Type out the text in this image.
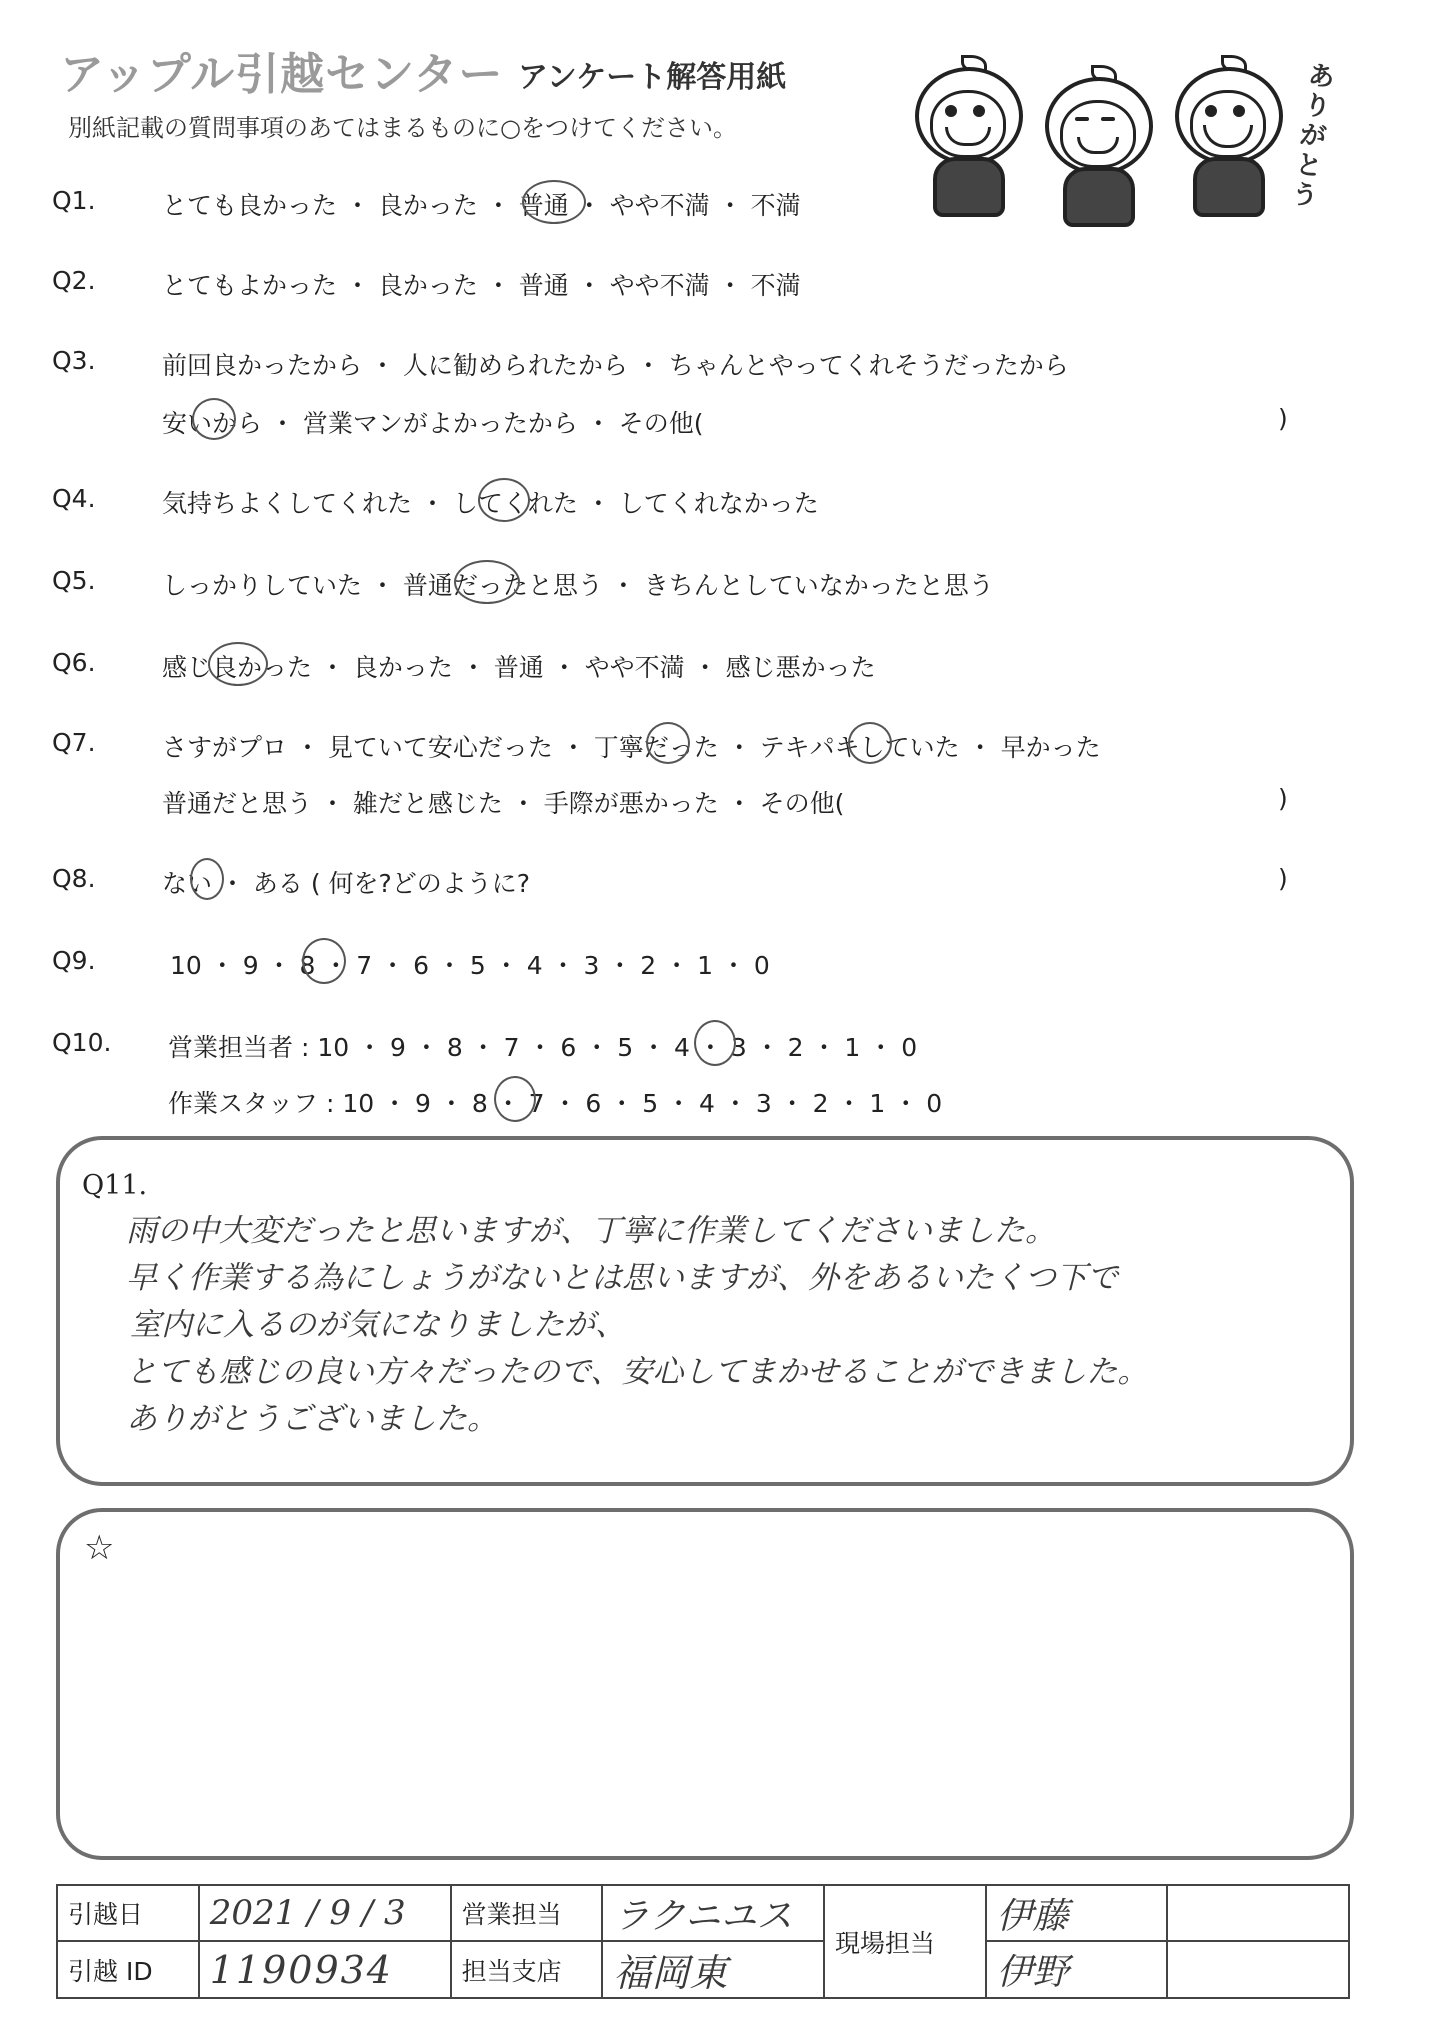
アップル引越センター アンケート解答用紙
別紙記載の質問事項のあてはまるものに○をつけてください。
ありがとう
Q1.	とても良かった ・ 良かった ・ 普通 ・ やや不満 ・ 不満
Q2.	とてもよかった ・ 良かった ・ 普通 ・ やや不満 ・ 不満
Q3.	前回良かったから ・ 人に勧められたから ・ ちゃんとやってくれそうだったから
安いから ・ 営業マンがよかったから ・ その他(	)
Q4.	気持ちよくしてくれた ・ してくれた ・ してくれなかった
Q5.	しっかりしていた ・ 普通だったと思う ・ きちんとしていなかったと思う
Q6.	感じ良かった ・ 良かった ・ 普通 ・ やや不満 ・ 感じ悪かった
Q7.	さすがプロ ・ 見ていて安心だった ・ 丁寧だった ・ テキパキしていた ・ 早かった
普通だと思う ・ 雑だと感じた ・ 手際が悪かった ・ その他(	)
Q8.	ない ・ ある ( 何を?どのように?	)
Q9.	10 ・ 9 ・ 8 ・ 7 ・ 6 ・ 5 ・ 4 ・ 3 ・ 2 ・ 1 ・ 0
Q10. 営業担当者 : 10 ・ 9 ・ 8 ・ 7 ・ 6 ・ 5 ・ 4 ・ 3 ・ 2 ・ 1 ・ 0
作業スタッフ : 10 ・ 9 ・ 8 ・ 7 ・ 6 ・ 5 ・ 4 ・ 3 ・ 2 ・ 1 ・ 0
Q11.
雨の中大変だったと思いますが、丁寧に作業してくださいました。
早く作業する為にしょうがないとは思いますが、外をあるいたくつ下で
室内に入るのが気になりましたが、
とても感じの良い方々だったので、安心してまかせることができました。
ありがとうございました。
☆
引越日	2021 / 9 / 3	営業担当	ラクニユス	現場担当	伊藤	
引越 ID	1190934	担当支店	福岡東		伊野	
